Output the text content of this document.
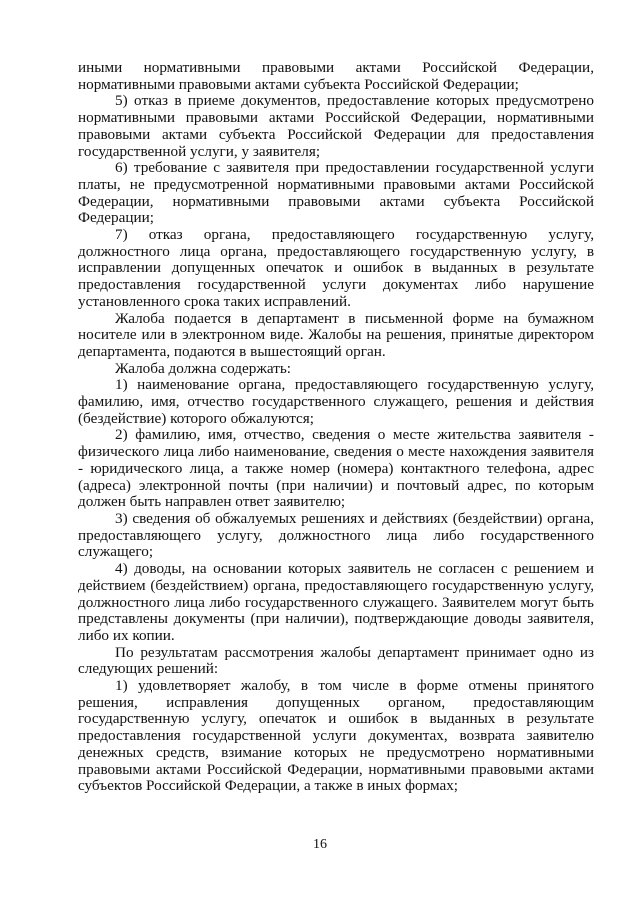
иными нормативными правовыми актами Российской Федерации, нормативными правовыми актами субъекта Российской Федерации;

5) отказ в приеме документов, предоставление которых предусмотрено нормативными правовыми актами Российской Федерации, нормативными правовыми актами субъекта Российской Федерации для предоставления государственной услуги, у заявителя;

6) требование с заявителя при предоставлении государственной услуги платы, не предусмотренной нормативными правовыми актами Российской Федерации, нормативными правовыми актами субъекта Российской Федерации;

7) отказ органа, предоставляющего государственную услугу, должностного лица органа, предоставляющего государственную услугу, в исправлении допущенных опечаток и ошибок в выданных в результате предоставления государственной услуги документах либо нарушение установленного срока таких исправлений.

Жалоба подается в департамент в письменной форме на бумажном носителе или в электронном виде. Жалобы на решения, принятые директором департамента, подаются в вышестоящий орган.

Жалоба должна содержать:

1) наименование органа, предоставляющего государственную услугу, фамилию, имя, отчество государственного служащего, решения и действия (бездействие) которого обжалуются;

2) фамилию, имя, отчество, сведения о месте жительства заявителя - физического лица либо наименование, сведения о месте нахождения заявителя - юридического лица, а также номер (номера) контактного телефона, адрес (адреса) электронной почты (при наличии) и почтовый адрес, по которым должен быть направлен ответ заявителю;

3) сведения об обжалуемых решениях и действиях (бездействии) органа, предоставляющего услугу, должностного лица либо государственного служащего;

4) доводы, на основании которых заявитель не согласен с решением и действием (бездействием) органа, предоставляющего государственную услугу, должностного лица либо государственного служащего. Заявителем могут быть представлены документы (при наличии), подтверждающие доводы заявителя, либо их копии.

По результатам рассмотрения жалобы департамент принимает одно из следующих решений:

1) удовлетворяет жалобу, в том числе в форме отмены принятого решения, исправления допущенных органом, предоставляющим государственную услугу, опечаток и ошибок в выданных в результате предоставления государственной услуги документах, возврата заявителю денежных средств, взимание которых не предусмотрено нормативными правовыми актами Российской Федерации, нормативными правовыми актами субъектов Российской Федерации, а также в иных формах;

16
